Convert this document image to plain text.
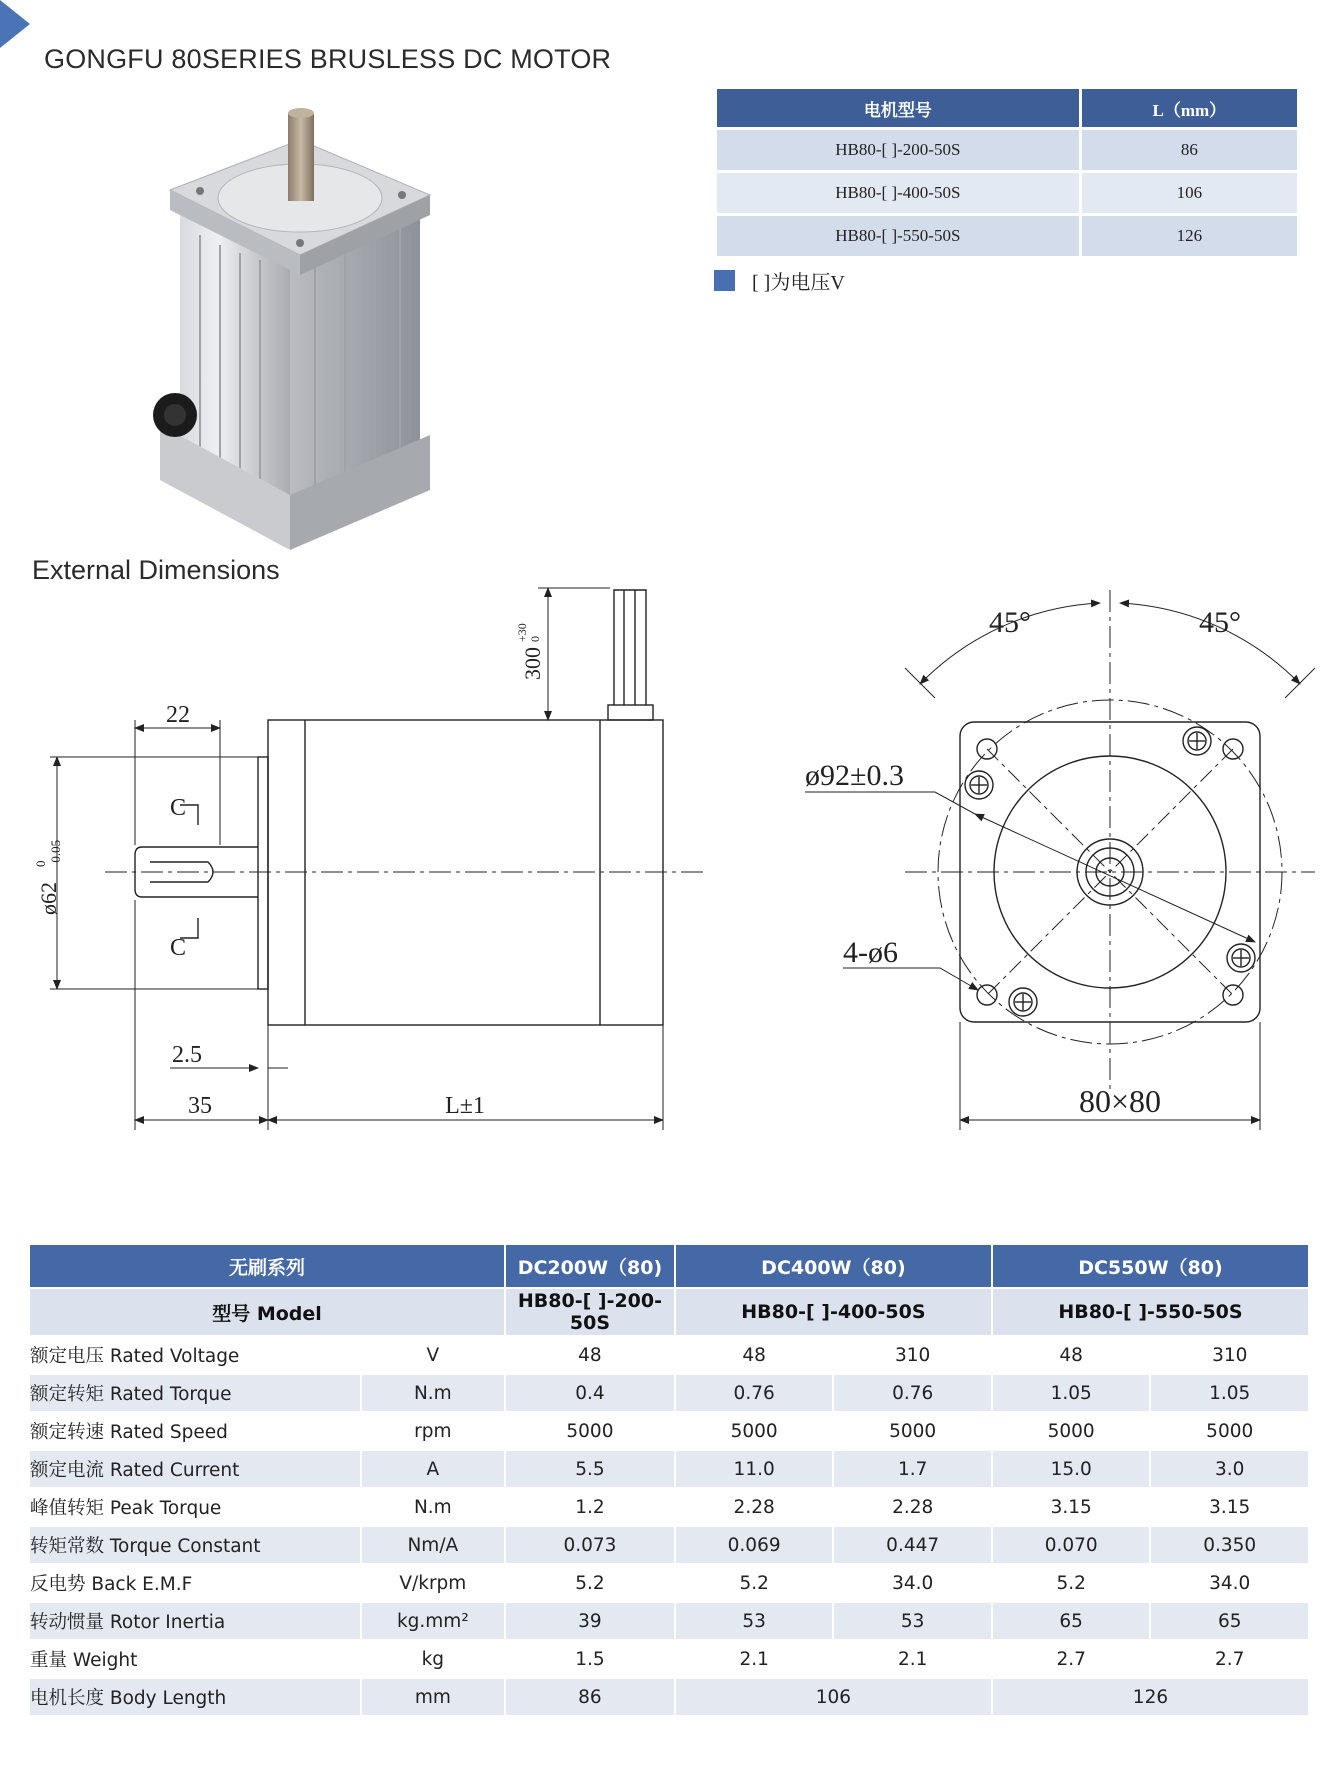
GONGFU 80SERIES BRUSLESS DC MOTOR
电机型号	L（mm）
HB80-[ ]-200-50S	86
HB80-[ ]-400-50S	106
HB80-[ ]-550-50S	126
[ ]为电压V
External Dimensions
22
C
C
ø62
0 -0.05
300
+30 0
2.5
35	L±1
45°	45°
ø92±0.3
4-ø6
80×80
无刷系列		DC200W（80)	DC400W（80)		DC550W（80)	
型号 Model		HB80-[ ]-200-50S	HB80-[ ]-400-50S		HB80-[ ]-550-50S	
额定电压 Rated Voltage	V	48	48	310	48	310
额定转矩 Rated Torque	N.m	0.4	0.76	0.76	1.05	1.05
额定转速 Rated Speed	rpm	5000	5000	5000	5000	5000
额定电流 Rated Current	A	5.5	11.0	1.7	15.0	3.0
峰值转矩 Peak Torque	N.m	1.2	2.28	2.28	3.15	3.15
转矩常数 Torque Constant	Nm/A	0.073	0.069	0.447	0.070	0.350
反电势 Back E.M.F	V/krpm	5.2	5.2	34.0	5.2	34.0
转动惯量 Rotor Inertia	kg.mm²	39	53	53	65	65
重量 Weight	kg	1.5	2.1	2.1	2.7	2.7
电机长度 Body Length	mm	86	106		126	
